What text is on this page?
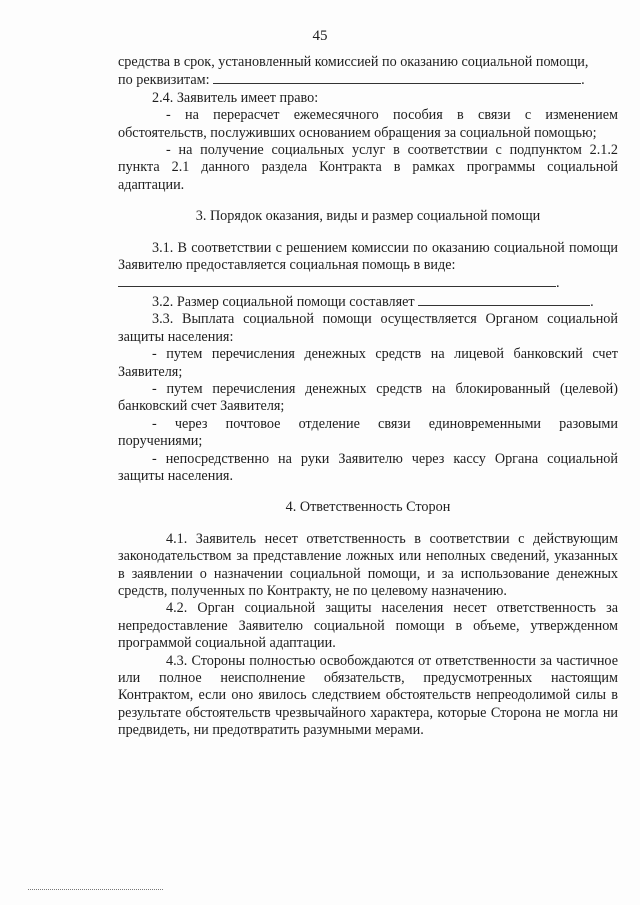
45

средства в срок, установленный комиссией по оказанию социальной помощи,

по реквизитам:	.

2.4. Заявитель имеет право:

- на перерасчет ежемесячного пособия в связи с изменением обстоятельств, послуживших основанием обращения за социальной помощью;

- на получение социальных услуг в соответствии с подпунктом 2.1.2 пункта 2.1 данного раздела Контракта в рамках программы социальной адаптации.

3. Порядок оказания, виды и размер социальной помощи

3.1. В соответствии с решением комиссии по оказанию социальной помощи Заявителю предоставляется социальная помощь в виде:
.

3.2. Размер социальной помощи составляет	.

3.3. Выплата социальной помощи осуществляется Органом социальной защиты населения:

- путем перечисления денежных средств на лицевой банковский счет Заявителя;

- путем перечисления денежных средств на блокированный (целевой) банковский счет Заявителя;

- через почтовое отделение связи единовременными разовыми поручениями;

- непосредственно на руки Заявителю через кассу Органа социальной защиты населения.

4. Ответственность Сторон

4.1. Заявитель несет ответственность в соответствии с действующим законодательством за представление ложных или неполных сведений, указанных в заявлении о назначении социальной помощи, и за использование денежных средств, полученных по Контракту, не по целевому назначению.

4.2. Орган социальной защиты населения несет ответственность за непредоставление Заявителю социальной помощи в объеме, утвержденном программой социальной адаптации.

4.3. Стороны полностью освобождаются от ответственности за частичное или полное неисполнение обязательств, предусмотренных настоящим Контрактом, если оно явилось следствием обстоятельств непреодолимой силы в результате обстоятельств чрезвычайного характера, которые Сторона не могла ни предвидеть, ни предотвратить разумными мерами.
